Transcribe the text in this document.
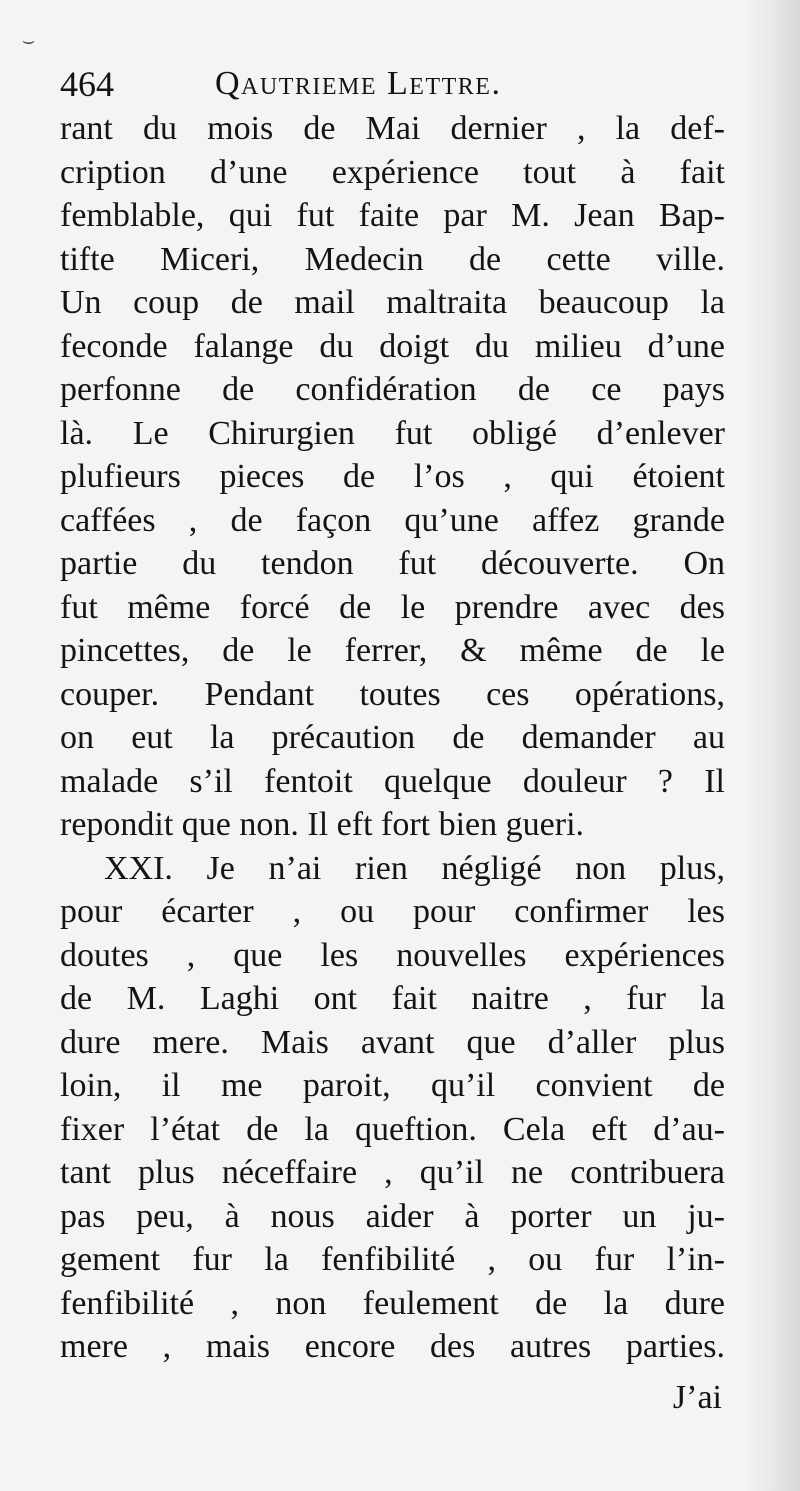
⌣
464	Qautrieme Lettre.
rant du mois de Mai dernier , la def-
cription d’une expérience tout à fait
femblable, qui fut faite par M. Jean Bap-
tifte Miceri, Medecin de cette ville.
Un coup de mail maltraita beaucoup la
feconde falange du doigt du milieu d’une
perfonne de confidération de ce pays
là. Le Chirurgien fut obligé d’enlever
plufieurs pieces de l’os , qui étoient
caffées , de façon qu’une affez grande
partie du tendon fut découverte. On
fut même forcé de le prendre avec des
pincettes, de le ferrer, & même de le
couper. Pendant toutes ces opérations,
on eut la précaution de demander au
malade s’il fentoit quelque douleur ? Il
repondit que non. Il eft fort bien gueri.
XXI. Je n’ai rien négligé non plus,
pour écarter , ou pour confirmer les
doutes , que les nouvelles expériences
de M. Laghi ont fait naitre , fur la
dure mere. Mais avant que d’aller plus
loin, il me paroit, qu’il convient de
fixer l’état de la queftion. Cela eft d’au-
tant plus néceffaire , qu’il ne contribuera
pas peu, à nous aider à porter un ju-
gement fur la fenfibilité , ou fur l’in-
fenfibilité , non feulement de la dure
mere , mais encore des autres parties.
J’ai
